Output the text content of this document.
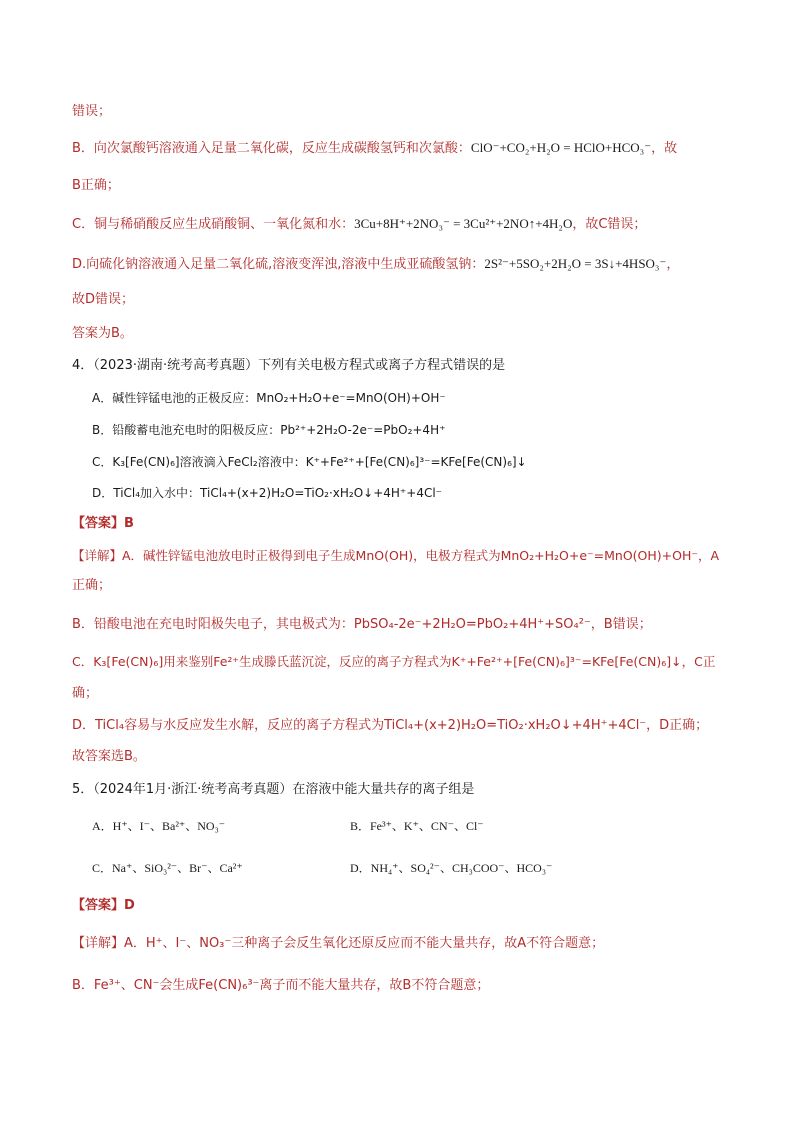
错误；
B．向次氯酸钙溶液通入足量二氧化碳，反应生成碳酸氢钙和次氯酸：ClO⁻+CO₂+H₂O = HClO+HCO₃⁻，故
B正确；
C．铜与稀硝酸反应生成硝酸铜、一氧化氮和水：3Cu+8H⁺+2NO₃⁻ = 3Cu²⁺+2NO↑+4H₂O，故C错误；
D.向硫化钠溶液通入足量二氧化硫,溶液变浑浊,溶液中生成亚硫酸氢钠：2S²⁻+5SO₂+2H₂O = 3S↓+4HSO₃⁻，
故D错误；
答案为B。
4．（2023·湖南·统考高考真题）下列有关电极方程式或离子方程式错误的是
A．碱性锌锰电池的正极反应：MnO₂+H₂O+e⁻=MnO(OH)+OH⁻
B．铅酸蓄电池充电时的阳极反应：Pb²⁺+2H₂O-2e⁻=PbO₂+4H⁺
C．K₃[Fe(CN)₆]溶液滴入FeCl₂溶液中：K⁺+Fe²⁺+[Fe(CN)₆]³⁻=KFe[Fe(CN)₆]↓
D．TiCl₄加入水中：TiCl₄+(x+2)H₂O=TiO₂·xH₂O↓+4H⁺+4Cl⁻
【答案】B
【详解】A．碱性锌锰电池放电时正极得到电子生成MnO(OH)，电极方程式为MnO₂+H₂O+e⁻=MnO(OH)+OH⁻，A
正确；
B．铅酸电池在充电时阳极失电子，其电极式为：PbSO₄-2e⁻+2H₂O=PbO₂+4H⁺+SO₄²⁻，B错误；
C．K₃[Fe(CN)₆]用来鉴别Fe²⁺生成滕氏蓝沉淀，反应的离子方程式为K⁺+Fe²⁺+[Fe(CN)₆]³⁻=KFe[Fe(CN)₆]↓，C正
确；
D．TiCl₄容易与水反应发生水解，反应的离子方程式为TiCl₄+(x+2)H₂O=TiO₂·xH₂O↓+4H⁺+4Cl⁻，D正确；
故答案选B。
5．（2024年1月·浙江·统考高考真题）在溶液中能大量共存的离子组是
A．H⁺、I⁻、Ba²⁺、NO₃⁻	B．Fe³⁺、K⁺、CN⁻、Cl⁻
C．Na⁺、SiO₃²⁻、Br⁻、Ca²⁺	D．NH₄⁺、SO₄²⁻、CH₃COO⁻、HCO₃⁻
【答案】D
【详解】A．H⁺、I⁻、NO₃⁻三种离子会反生氧化还原反应而不能大量共存，故A不符合题意；
B．Fe³⁺、CN⁻会生成Fe(CN)₆³⁻离子而不能大量共存，故B不符合题意；
